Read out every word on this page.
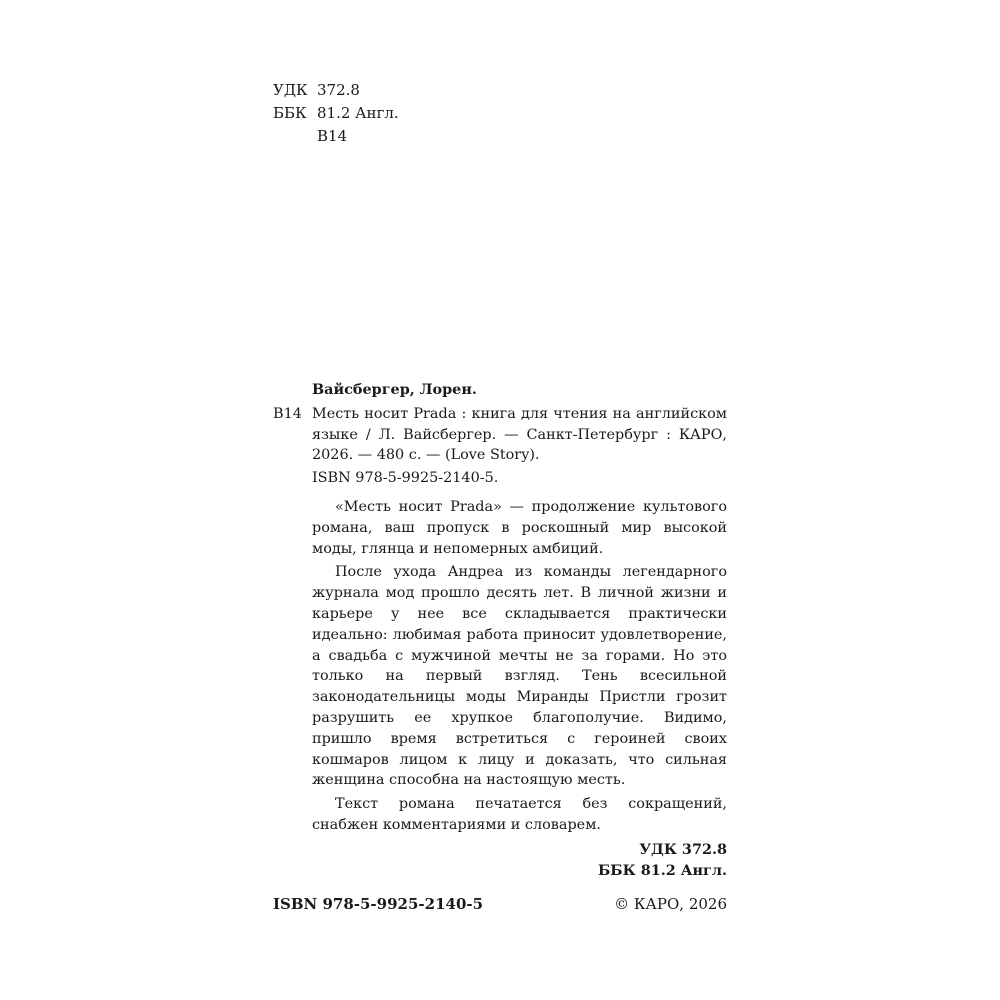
УДК 372.8
ББК 81.2 Англ.
В14
Вайсбергер, Лорен.
В14 Месть носит Prada : книга для чтения на английском языке / Л. Вайсбергер. — Санкт-Петербург : КАРО, 2026. — 480 с. — (Love Story).
ISBN 978-5-9925-2140-5.
«Месть носит Prada» — продолжение культового романа, ваш пропуск в роскошный мир высокой моды, глянца и непомерных амбиций.
После ухода Андреа из команды легендарного журнала мод прошло десять лет. В личной жизни и карьере у нее все складывается практически идеально: любимая работа приносит удовлетворение, а свадьба с мужчиной мечты не за горами. Но это только на первый взгляд. Тень всесильной законодательницы моды Миранды Пристли грозит разрушить ее хрупкое благополучие. Видимо, пришло время встретиться с героиней своих кошмаров лицом к лицу и доказать, что сильная женщина способна на настоящую месть.
Текст романа печатается без сокращений, снабжен комментариями и словарем.
УДК 372.8
ББК 81.2 Англ.
ISBN 978-5-9925-2140-5	© КАРО, 2026
